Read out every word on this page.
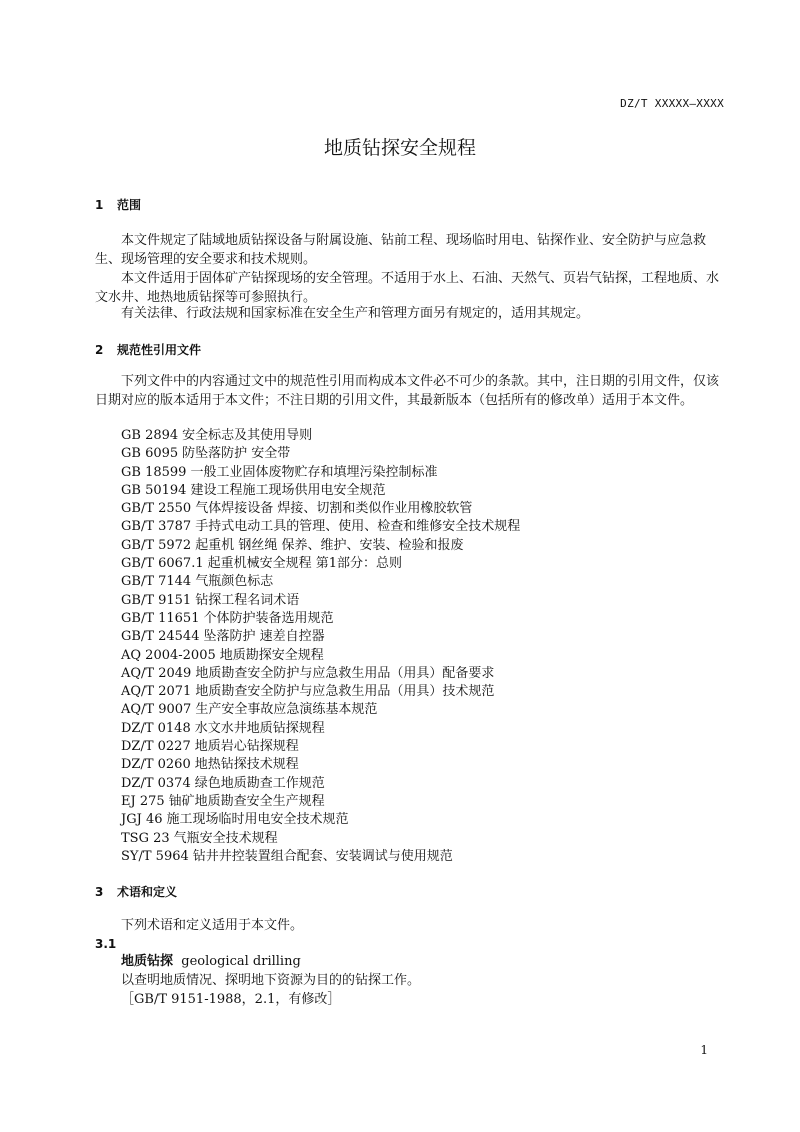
DZ/T XXXXX—XXXX
地质钻探安全规程
1 范围
本文件规定了陆域地质钻探设备与附属设施、钻前工程、现场临时用电、钻探作业、安全防护与应急救生、现场管理的安全要求和技术规则。
本文件适用于固体矿产钻探现场的安全管理。不适用于水上、石油、天然气、页岩气钻探，工程地质、水文水井、地热地质钻探等可参照执行。
有关法律、行政法规和国家标准在安全生产和管理方面另有规定的，适用其规定。
2 规范性引用文件
下列文件中的内容通过文中的规范性引用而构成本文件必不可少的条款。其中，注日期的引用文件，仅该日期对应的版本适用于本文件；不注日期的引用文件，其最新版本（包括所有的修改单）适用于本文件。
GB 2894 安全标志及其使用导则
GB 6095 防坠落防护 安全带
GB 18599 一般工业固体废物贮存和填埋污染控制标准
GB 50194 建设工程施工现场供用电安全规范
GB/T 2550 气体焊接设备 焊接、切割和类似作业用橡胶软管
GB/T 3787 手持式电动工具的管理、使用、检查和维修安全技术规程
GB/T 5972 起重机 钢丝绳 保养、维护、安装、检验和报废
GB/T 6067.1 起重机械安全规程 第1部分：总则
GB/T 7144 气瓶颜色标志
GB/T 9151 钻探工程名词术语
GB/T 11651 个体防护装备选用规范
GB/T 24544 坠落防护 速差自控器
AQ 2004-2005 地质勘探安全规程
AQ/T 2049 地质勘查安全防护与应急救生用品（用具）配备要求
AQ/T 2071 地质勘查安全防护与应急救生用品（用具）技术规范
AQ/T 9007 生产安全事故应急演练基本规范
DZ/T 0148 水文水井地质钻探规程
DZ/T 0227 地质岩心钻探规程
DZ/T 0260 地热钻探技术规程
DZ/T 0374 绿色地质勘查工作规范
EJ 275 铀矿地质勘查安全生产规程
JGJ 46 施工现场临时用电安全技术规范
TSG 23 气瓶安全技术规程
SY/T 5964 钻井井控装置组合配套、安装调试与使用规范
3 术语和定义
下列术语和定义适用于本文件。
3.1
地质钻探 geological drilling
以查明地质情况、探明地下资源为目的的钻探工作。
［GB/T 9151-1988，2.1，有修改］
1
